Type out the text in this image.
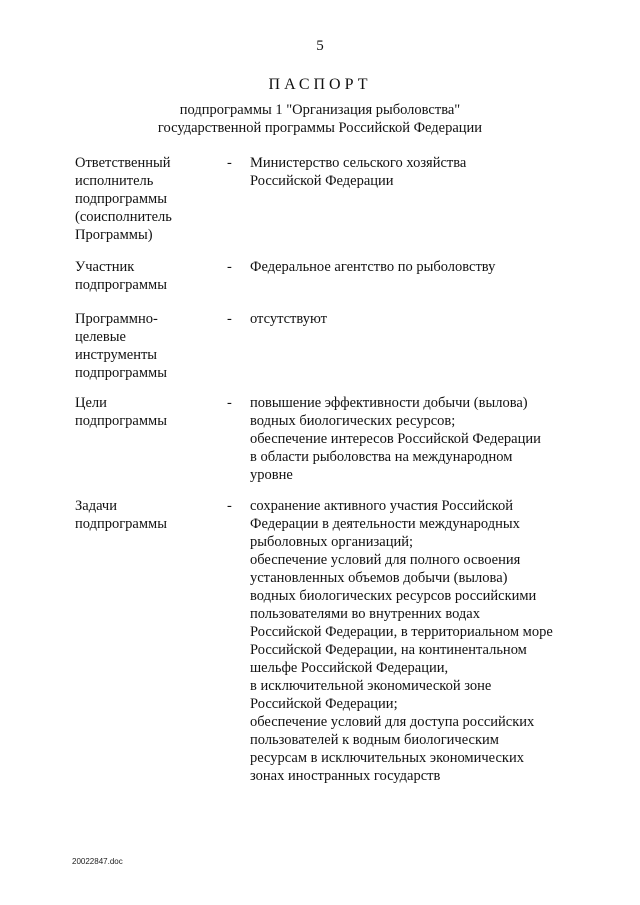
5
ПАСПОРТ
подпрограммы 1 "Организация рыболовства"
государственной программы Российской Федерации
Ответственный
исполнитель
подпрограммы
(соисполнитель
Программы)
- Министерство сельского хозяйства
Российской Федерации
Участник
подпрограммы
- Федеральное агентство по рыболовству
Программно-
целевые
инструменты
подпрограммы
- отсутствуют
Цели
подпрограммы
- повышение эффективности добычи (вылова)
водных биологических ресурсов;
обеспечение интересов Российской Федерации
в области рыболовства на международном
уровне
Задачи
подпрограммы
- сохранение активного участия Российской
Федерации в деятельности международных
рыболовных организаций;
обеспечение условий для полного освоения
установленных объемов добычи (вылова)
водных биологических ресурсов российскими
пользователями во внутренних водах
Российской Федерации, в территориальном море
Российской Федерации, на континентальном
шельфе Российской Федерации,
в исключительной экономической зоне
Российской Федерации;
обеспечение условий для доступа российских
пользователей к водным биологическим
ресурсам в исключительных экономических
зонах иностранных государств
20022847.doc
